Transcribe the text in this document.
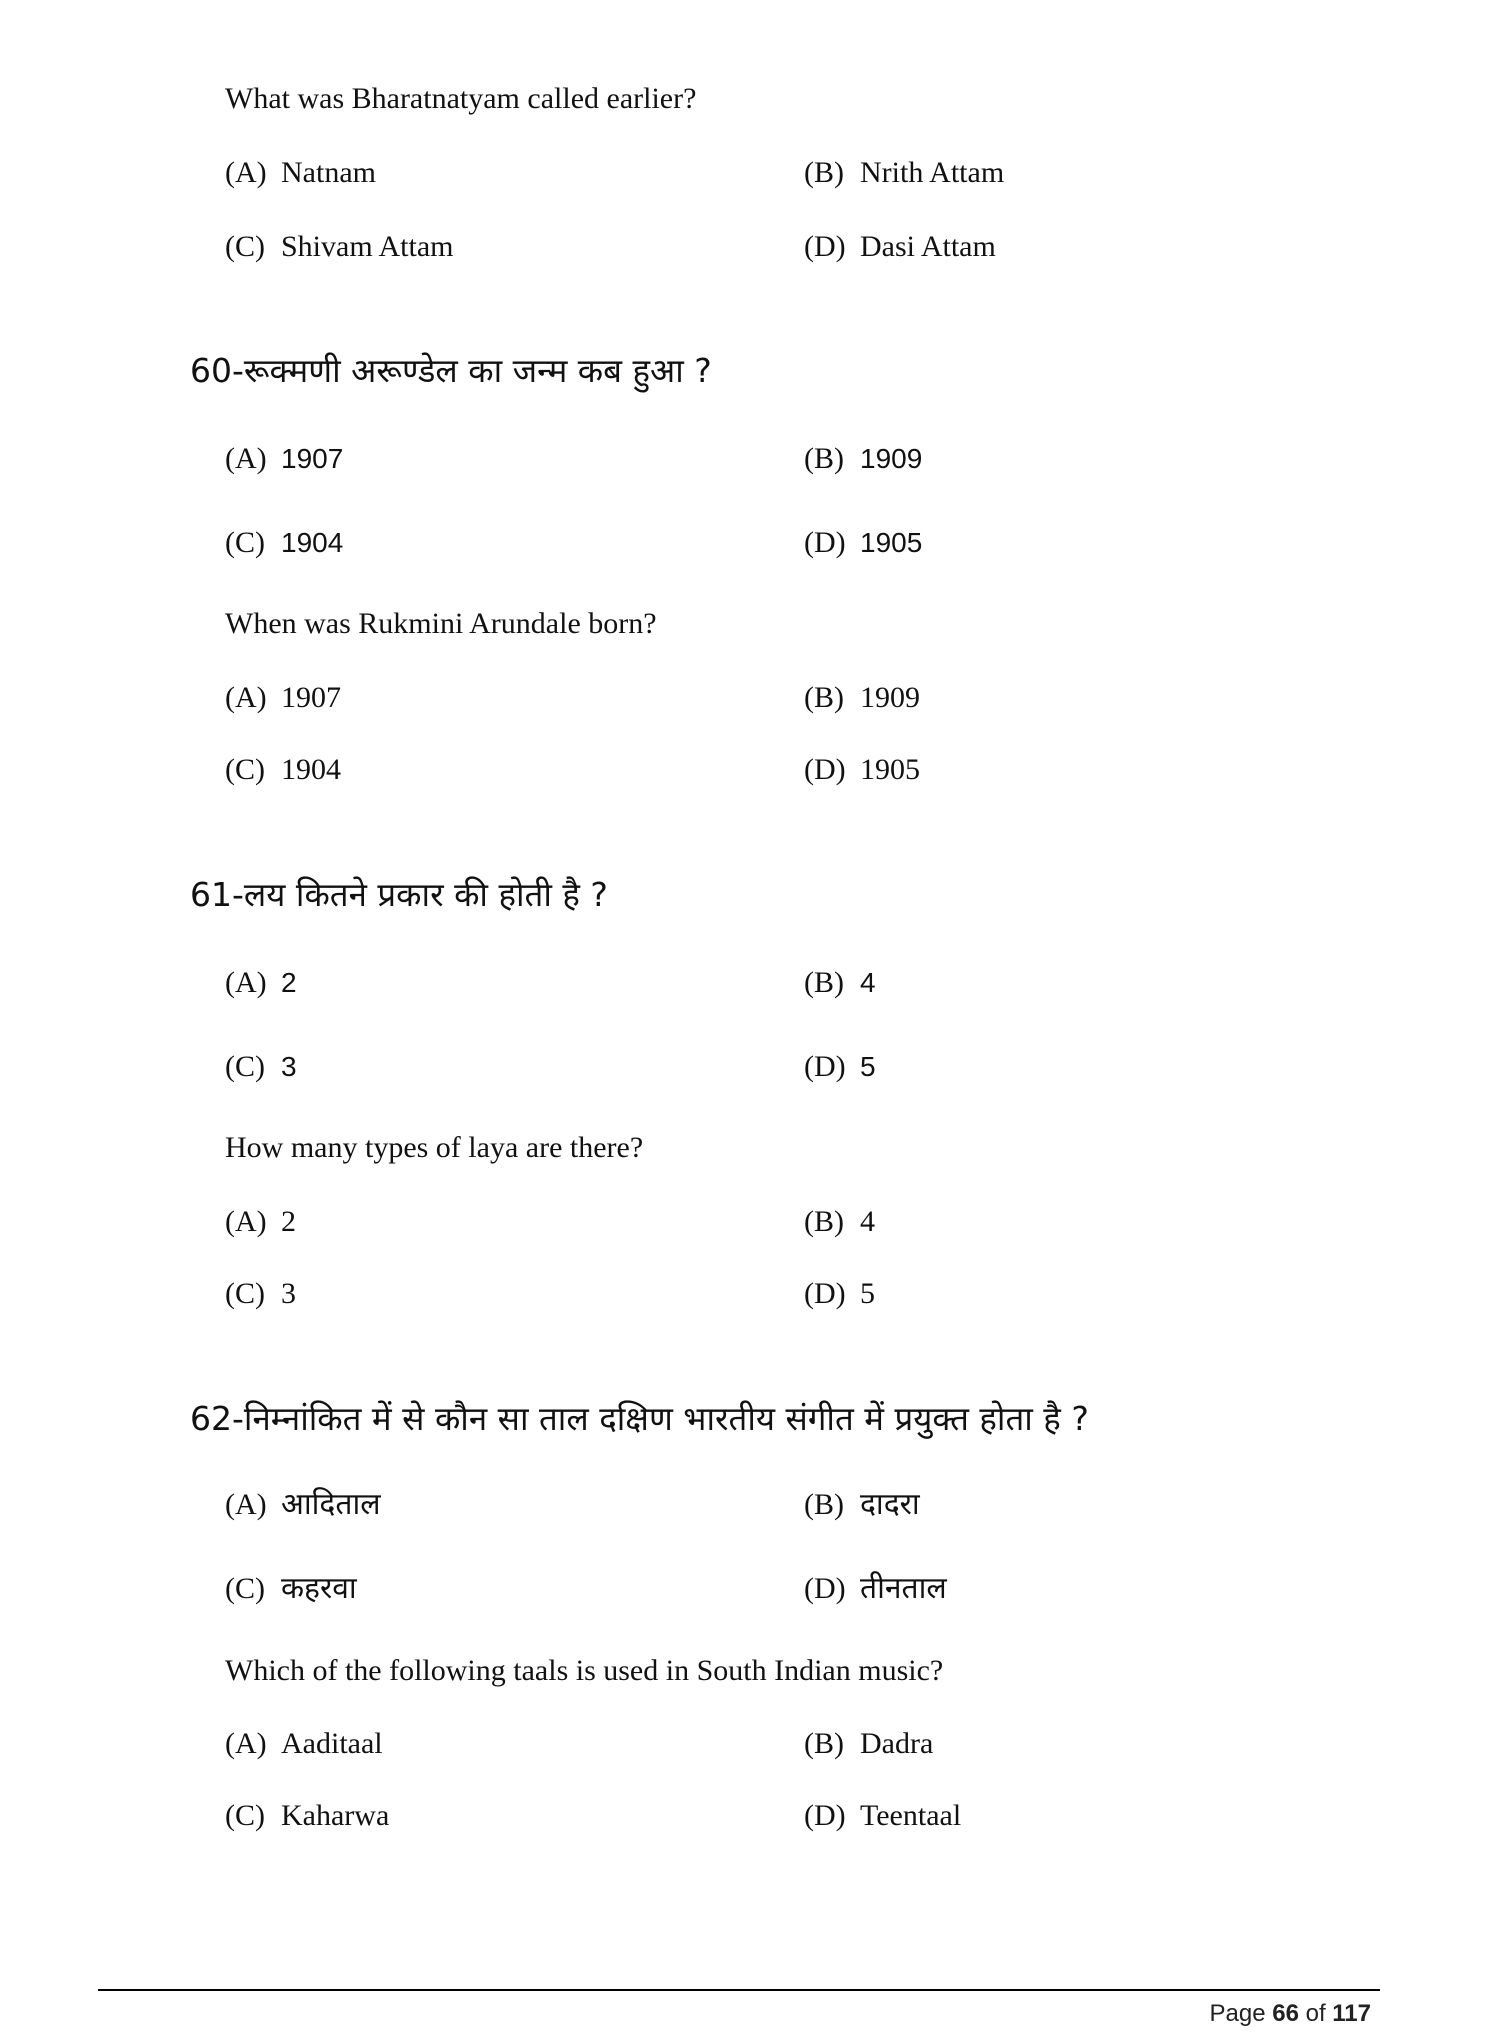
What was Bharatnatyam called earlier?
(A) Natnam	(B) Nrith Attam
(C) Shivam Attam	(D) Dasi Attam
60-रूक्मणी अरूण्डेल का जन्म कब हुआ ?
(A) 1907	(B) 1909
(C) 1904	(D) 1905
When was Rukmini Arundale born?
(A) 1907	(B) 1909
(C) 1904	(D) 1905
61-लय कितने प्रकार की होती है ?
(A) 2	(B) 4
(C) 3	(D) 5
How many types of laya are there?
(A) 2	(B) 4
(C) 3	(D) 5
62-निम्नांकित में से कौन सा ताल दक्षिण भारतीय संगीत में प्रयुक्त होता है ?
(A) आदिताल	(B) दादरा
(C) कहरवा	(D) तीनताल
Which of the following taals is used in South Indian music?
(A) Aaditaal	(B) Dadra
(C) Kaharwa	(D) Teentaal
Page 66 of 117
